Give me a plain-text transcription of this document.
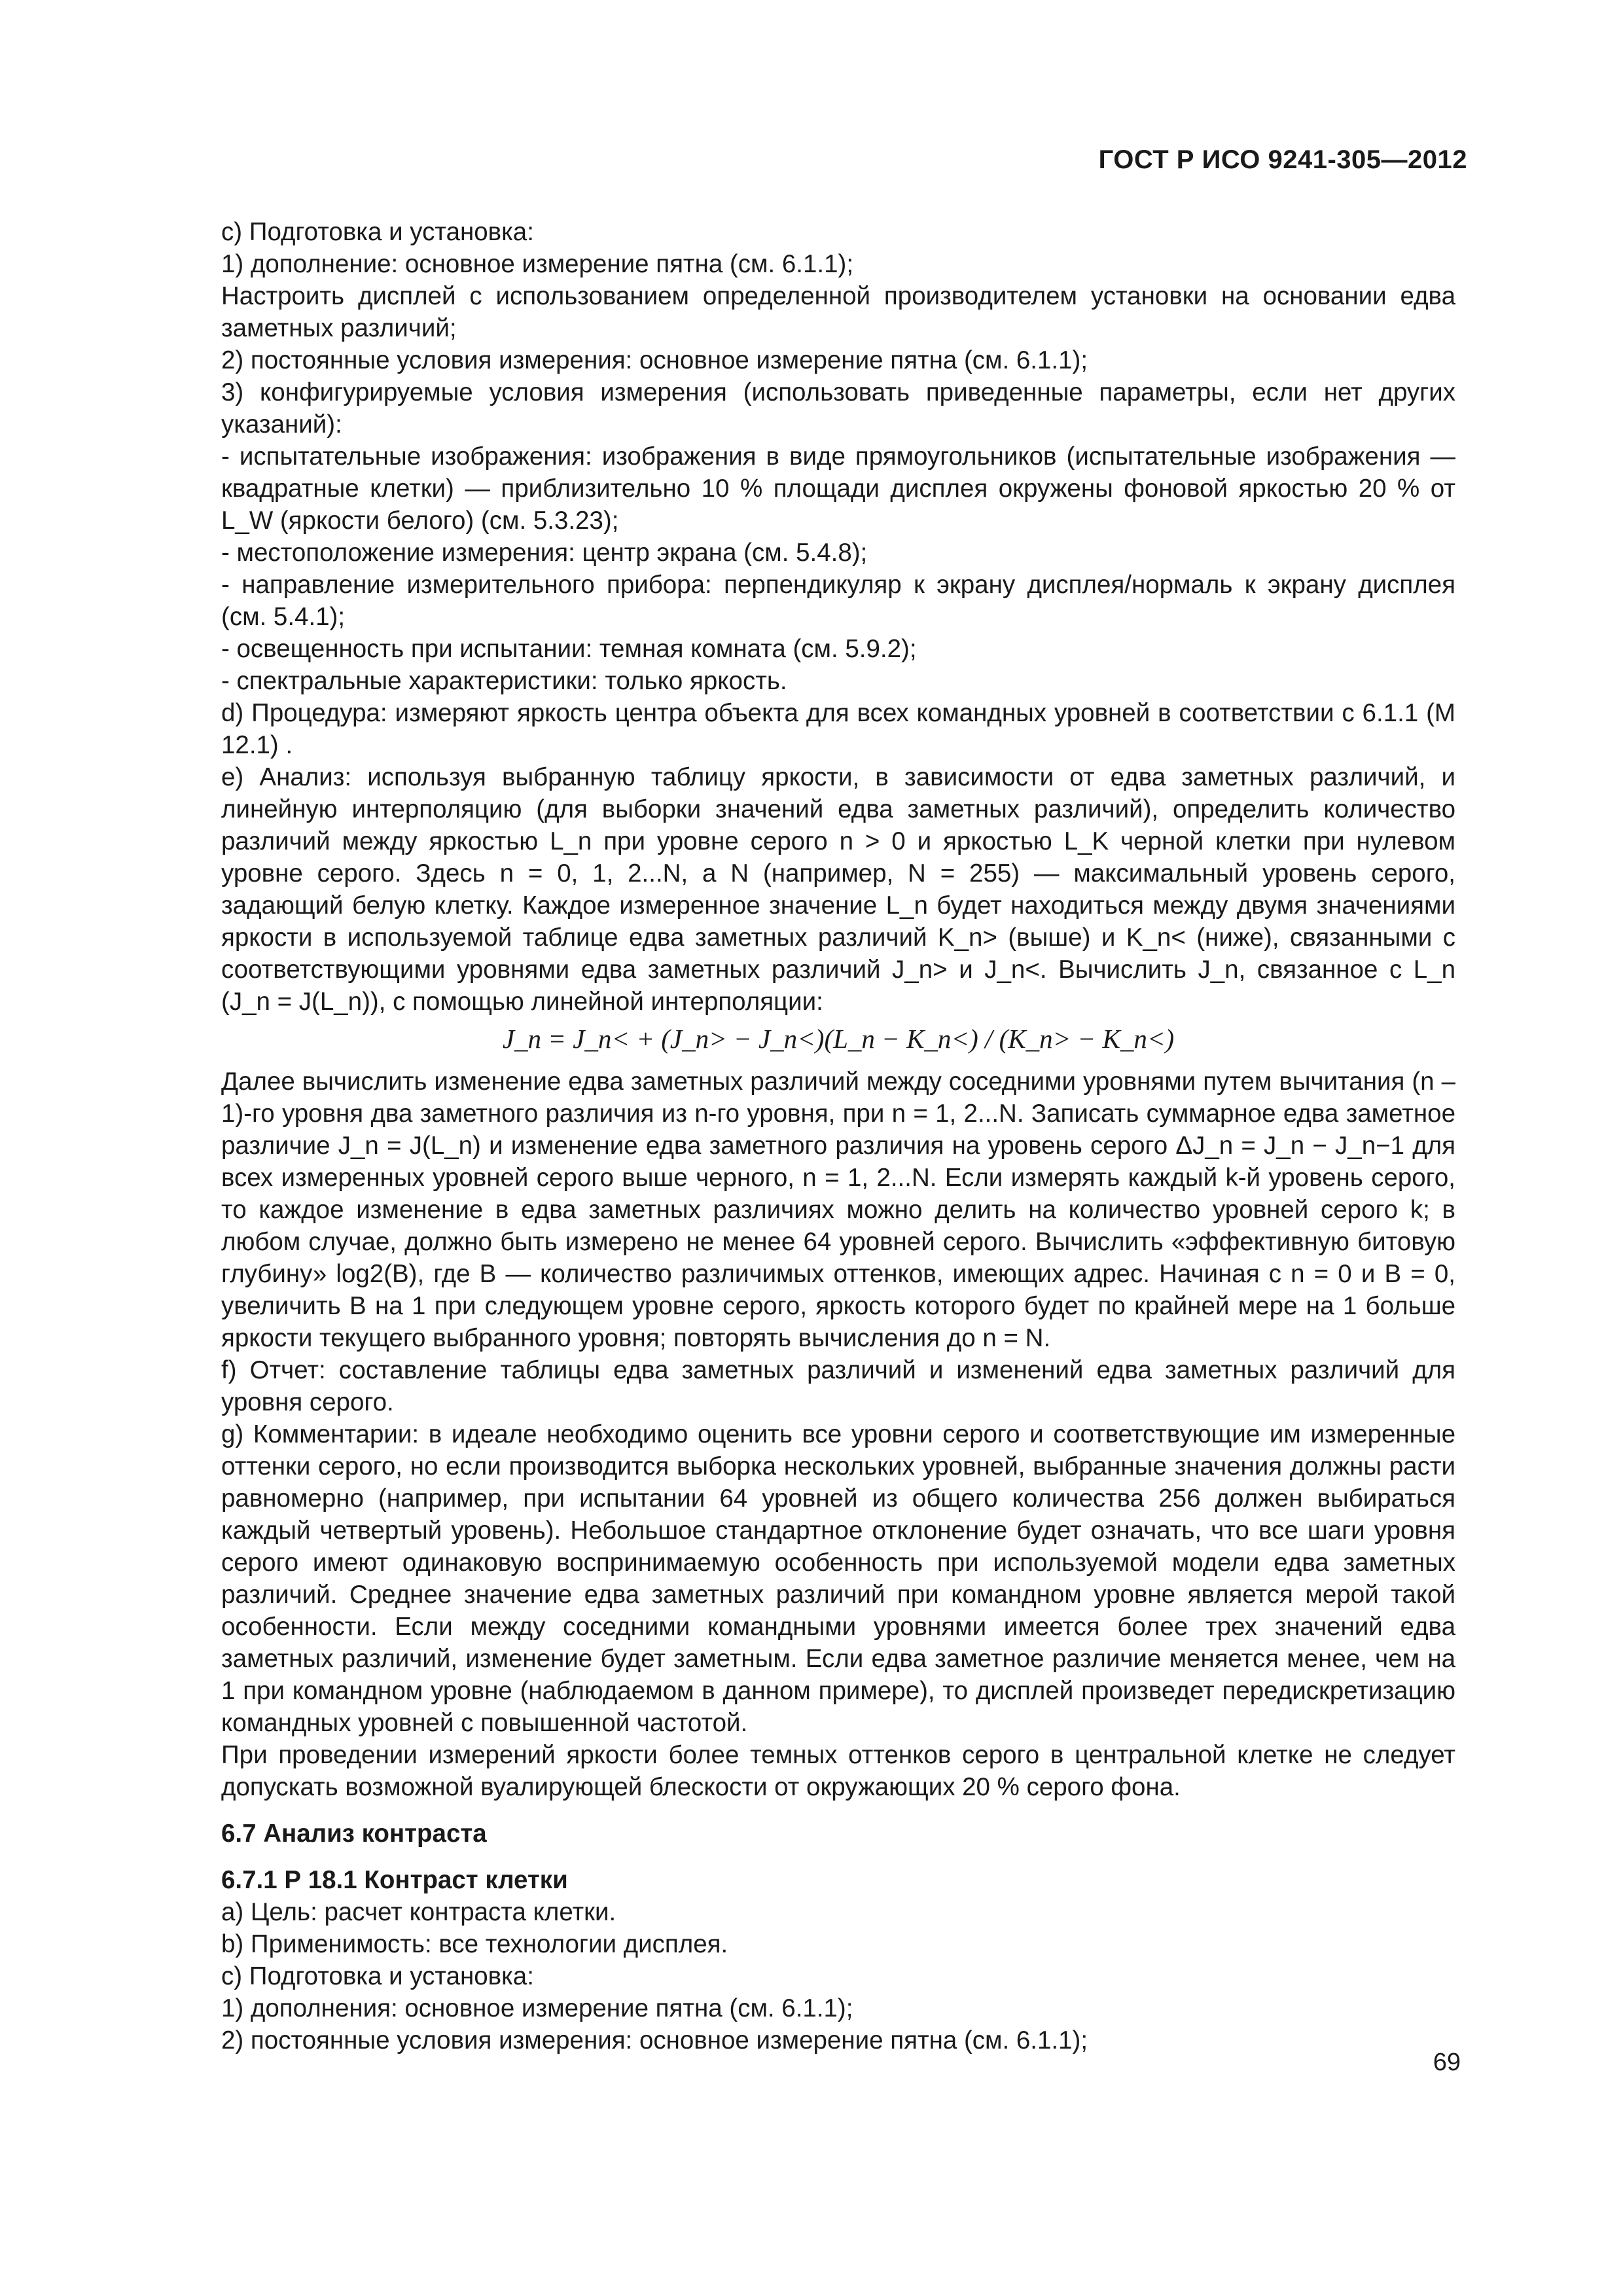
ГОСТ Р ИСО 9241-305—2012

с) Подготовка и установка:

1) дополнение: основное измерение пятна (см. 6.1.1);

Настроить дисплей с использованием определенной производителем установки на основании едва заметных различий;

2) постоянные условия измерения: основное измерение пятна (см. 6.1.1);

3) конфигурируемые условия измерения (использовать приведенные параметры, если нет других указаний):

- испытательные изображения: изображения в виде прямоугольников (испытательные изображения — квадратные клетки) — приблизительно 10 % площади дисплея окружены фоновой яркостью 20 % от L_W (яркости белого) (см. 5.3.23);

- местоположение измерения: центр экрана (см. 5.4.8);

- направление измерительного прибора: перпендикуляр к экрану дисплея/нормаль к экрану дисплея (см. 5.4.1);

- освещенность при испытании: темная комната (см. 5.9.2);

- спектральные характеристики: только яркость.

d) Процедура: измеряют яркость центра объекта для всех командных уровней в соответствии с 6.1.1 (М 12.1) .

е) Анализ: используя выбранную таблицу яркости, в зависимости от едва заметных различий, и линейную интерполяцию (для выборки значений едва заметных различий), определить количество различий между яркостью L_n при уровне серого n > 0 и яркостью L_K черной клетки при нулевом уровне серого. Здесь n = 0, 1, 2...N, а N (например, N = 255) — максимальный уровень серого, задающий белую клетку. Каждое измеренное значение L_n будет находиться между двумя значениями яркости в используемой таблице едва заметных различий K_n> (выше) и K_n< (ниже), связанными с соответствующими уровнями едва заметных различий J_n> и J_n<. Вычислить J_n, связанное с L_n (J_n = J(L_n)), с помощью линейной интерполяции:

J_n = J_n< + (J_n> − J_n<)(L_n − K_n<) / (K_n> − K_n<)

Далее вычислить изменение едва заметных различий между соседними уровнями путем вычитания (n – 1)-го уровня два заметного различия из n-го уровня, при n = 1, 2...N. Записать суммарное едва заметное различие J_n = J(L_n) и изменение едва заметного различия на уровень серого ΔJ_n = J_n − J_n−1 для всех измеренных уровней серого выше черного, n = 1, 2...N. Если измерять каждый k-й уровень серого, то каждое изменение в едва заметных различиях можно делить на количество уровней серого k; в любом случае, должно быть измерено не менее 64 уровней серого. Вычислить «эффективную битовую глубину» log2(B), где B — количество различимых оттенков, имеющих адрес. Начиная с n = 0 и B = 0, увеличить B на 1 при следующем уровне серого, яркость которого будет по крайней мере на 1 больше яркости текущего выбранного уровня; повторять вычисления до n = N.

f) Отчет: составление таблицы едва заметных различий и изменений едва заметных различий для уровня серого.

g) Комментарии: в идеале необходимо оценить все уровни серого и соответствующие им измеренные оттенки серого, но если производится выборка нескольких уровней, выбранные значения должны расти равномерно (например, при испытании 64 уровней из общего количества 256 должен выбираться каждый четвертый уровень). Небольшое стандартное отклонение будет означать, что все шаги уровня серого имеют одинаковую воспринимаемую особенность при используемой модели едва заметных различий. Среднее значение едва заметных различий при командном уровне является мерой такой особенности. Если между соседними командными уровнями имеется более трех значений едва заметных различий, изменение будет заметным. Если едва заметное различие меняется менее, чем на 1 при командном уровне (наблюдаемом в данном примере), то дисплей произведет передискретизацию командных уровней с повышенной частотой.

При проведении измерений яркости более темных оттенков серого в центральной клетке не следует допускать возможной вуалирующей блескости от окружающих 20 % серого фона.

6.7 Анализ контраста

6.7.1 Р 18.1 Контраст клетки

а) Цель: расчет контраста клетки.

b) Применимость: все технологии дисплея.

с) Подготовка и установка:

1) дополнения: основное измерение пятна (см. 6.1.1);

2) постоянные условия измерения: основное измерение пятна (см. 6.1.1);

69
